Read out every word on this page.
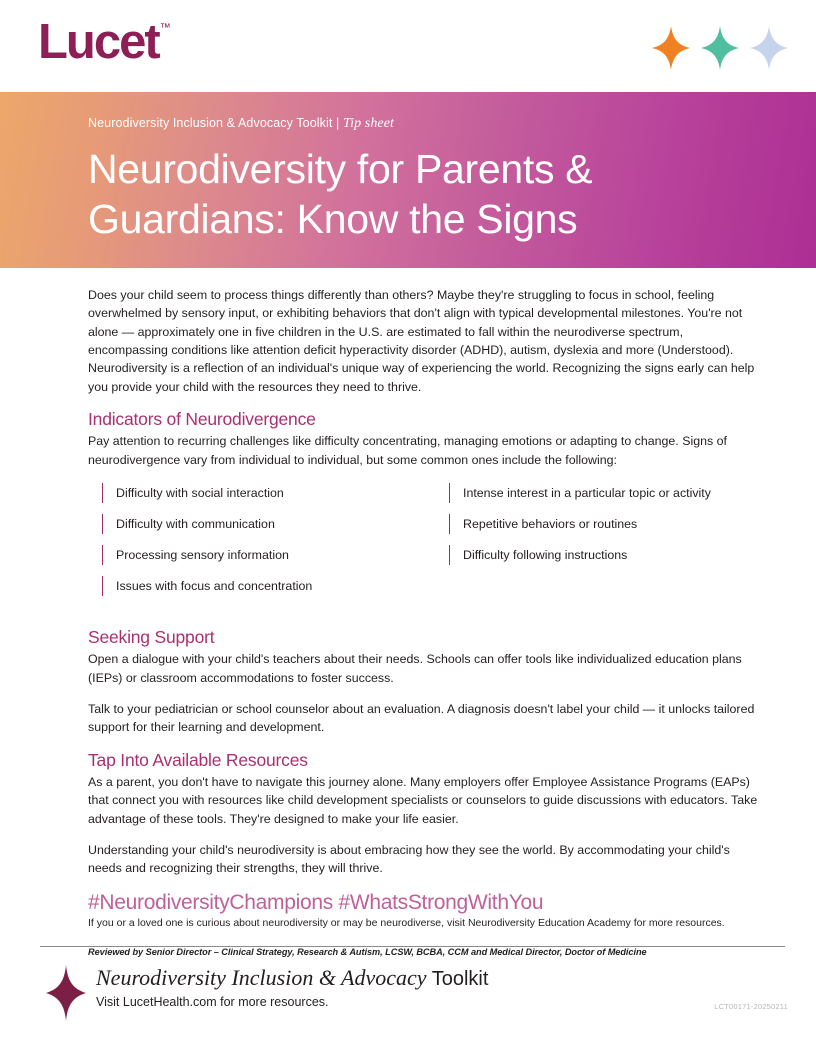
Lucet™
Neurodiversity Inclusion & Advocacy Toolkit | Tip sheet
Neurodiversity for Parents &
Guardians: Know the Signs

Does your child seem to process things differently than others? Maybe they're struggling to focus in school, feeling overwhelmed by sensory input, or exhibiting behaviors that don't align with typical developmental milestones. You're not alone — approximately one in five children in the U.S. are estimated to fall within the neurodiverse spectrum, encompassing conditions like attention deficit hyperactivity disorder (ADHD), autism, dyslexia and more (Understood). Neurodiversity is a reflection of an individual's unique way of experiencing the world. Recognizing the signs early can help you provide your child with the resources they need to thrive.

Indicators of Neurodivergence

Pay attention to recurring challenges like difficulty concentrating, managing emotions or adapting to change. Signs of neurodivergence vary from individual to individual, but some common ones include the following:

Difficulty with social interaction
Difficulty with communication
Processing sensory information
Issues with focus and concentration
Intense interest in a particular topic or activity
Repetitive behaviors or routines
Difficulty following instructions
Seeking Support

Open a dialogue with your child's teachers about their needs. Schools can offer tools like individualized education plans (IEPs) or classroom accommodations to foster success.

Talk to your pediatrician or school counselor about an evaluation. A diagnosis doesn't label your child — it unlocks tailored support for their learning and development.

Tap Into Available Resources

As a parent, you don't have to navigate this journey alone. Many employers offer Employee Assistance Programs (EAPs) that connect you with resources like child development specialists or counselors to guide discussions with educators. Take advantage of these tools. They're designed to make your life easier.

Understanding your child's neurodiversity is about embracing how they see the world. By accommodating your child's needs and recognizing their strengths, they will thrive.

#NeurodiversityChampions #WhatsStrongWithYou
If you or a loved one is curious about neurodiversity or may be neurodiverse, visit Neurodiversity Education Academy for more resources.
Reviewed by Senior Director – Clinical Strategy, Research & Autism, LCSW, BCBA, CCM and Medical Director, Doctor of Medicine
Neurodiversity Inclusion & Advocacy Toolkit
Visit LucetHealth.com for more resources.	LCT00171-20250211
